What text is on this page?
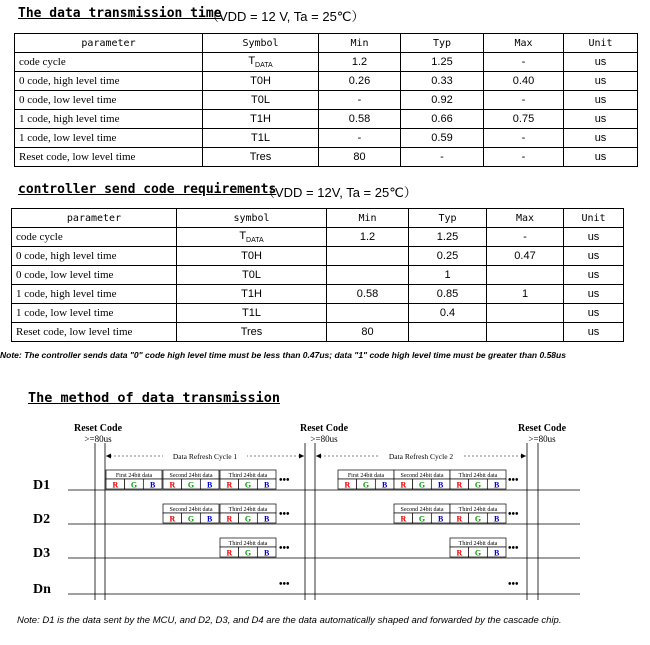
The data transmission time
（VDD = 12 V, Ta = 25℃）
parameter	Symbol	Min	Typ	Max	Unit
code cycle	$T_{DATA}$	1.2	1.25	-	us
0 code, high level time	T0H	0.26	0.33	0.40	us
0 code, low level time	T0L	-	0.92	-	us
1 code, high level time	T1H	0.58	0.66	0.75	us
1 code, low level time	T1L	-	0.59	-	us
Reset code, low level time	Tres	80	-	-	us
controller send code requirements
（VDD = 12V, Ta = 25℃）
parameter	symbol	Min	Typ	Max	Unit
code cycle	$T_{DATA}$	1.2	1.25	-	us
0 code, high level time	T0H		0.25	0.47	us
0 code, low level time	T0L		1		us
1 code, high level time	T1H	0.58	0.85	1	us
1 code, low level time	T1L		0.4		us
Reset code, low level time	Tres	80			us
Note: The controller sends data "0" code high level time must be less than 0.47us; data "1" code high level time must be greater than 0.58us
The method of data transmission
Reset Code
>=80us
Reset Code
>=80us
Reset Code
>=80us
Data Refresh Cycle 1	Data Refresh Cycle 2
D1
D2
D3
Dn
First 24bit data
R G B
Second 24bit data
R G B
Third 24bit data
R G B •••	First 24bit data
R G B
Second 24bit data
R G B
Third 24bit data
R G B •••
Second 24bit data
R G B
Third 24bit data
R G B •••	Second 24bit data
R G B
Third 24bit data
R G B •••
Third 24bit data
R G B •••	Third 24bit data
R G B •••
•••	•••
Note: D1 is the data sent by the MCU, and D2, D3, and D4 are the data automatically shaped and forwarded by the cascade chip.
